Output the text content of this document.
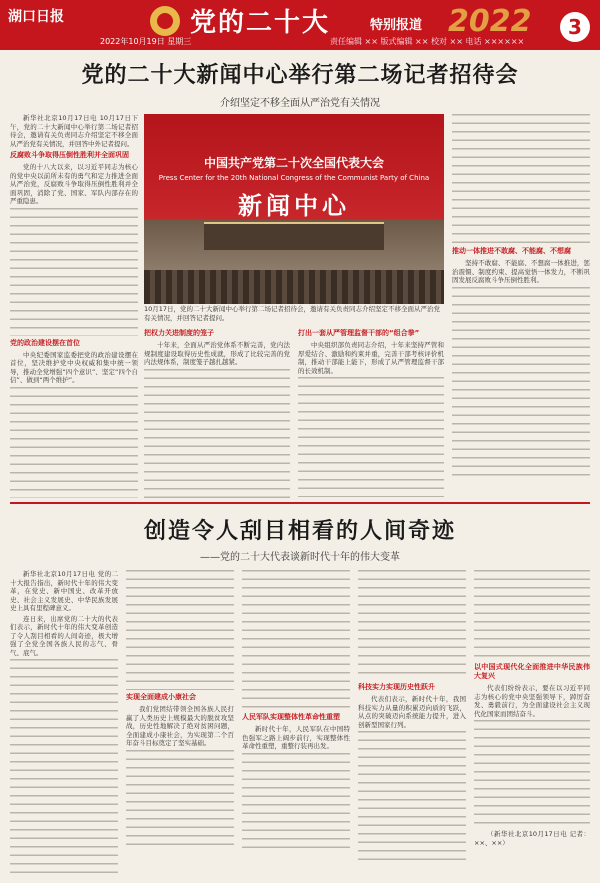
湖口日报	党的二十大	特别报道
2022年10月19日 星期三	责任编辑 ×× 版式编辑 ×× 校对 ×× 电话 ××××××
2022	3
党的二十大新闻中心举行第二场记者招待会
介绍坚定不移全面从严治党有关情况

新华社北京10月17日电 10月17日下午，党的二十大新闻中心举行第二场记者招待会，邀请有关负责同志介绍坚定不移全面从严治党有关情况，并回答中外记者提问。

反腐败斗争取得压倒性胜利并全面巩固

党的十八大以来，以习近平同志为核心的党中央以前所未有的勇气和定力推进全面从严治党，反腐败斗争取得压倒性胜利并全面巩固，消除了党、国家、军队内部存在的严重隐患。

党的政治建设摆在首位

中央纪委国家监委把党的政治建设摆在首位，坚决维护党中央权威和集中统一领导，推动全党增强“四个意识”、坚定“四个自信”、做到“两个维护”。

中国共产党第二十次全国代表大会
Press Center for the 20th National Congress of the Communist Party of China
新闻中心
10月17日，党的二十大新闻中心举行第二场记者招待会，邀请有关负责同志介绍坚定不移全面从严治党有关情况，并回答记者提问。
把权力关进制度的笼子

十年来，全面从严治党体系不断完善，党内法规制度建设取得历史性成就，形成了比较完善的党内法规体系，制度笼子越扎越紧。

打出一套从严管理监督干部的“组合拳”

中央组织部负责同志介绍，十年来坚持严管和厚爱结合、激励和约束并重，完善干部考核评价机制，推动干部能上能下，形成了从严管理监督干部的长效机制。

推动一体推进不敢腐、不能腐、不想腐

坚持不敢腐、不能腐、不想腐一体推进，惩治震慑、制度约束、提高觉悟一体发力，不断巩固发展反腐败斗争压倒性胜利。

创造令人刮目相看的人间奇迹
——党的二十大代表谈新时代十年的伟大变革

新华社北京10月17日电 党的二十大报告指出，新时代十年的伟大变革，在党史、新中国史、改革开放史、社会主义发展史、中华民族发展史上具有里程碑意义。

连日来，出席党的二十大的代表们表示，新时代十年的伟大变革创造了令人刮目相看的人间奇迹，极大增强了全党全国各族人民的志气、骨气、底气。

实现全面建成小康社会

我们党团结带领全国各族人民打赢了人类历史上规模最大的脱贫攻坚战，历史性地解决了绝对贫困问题，全面建成小康社会，为实现第二个百年奋斗目标奠定了坚实基础。

人民军队实现整体性革命性重塑

新时代十年，人民军队在中国特色强军之路上阔步前行，实现整体性革命性重塑，重整行装再出发。

科技实力实现历史性跃升

代表们表示，新时代十年，我国科技实力从量的积累迈向质的飞跃，从点的突破迈向系统能力提升，进入创新型国家行列。

以中国式现代化全面推进中华民族伟大复兴

代表们纷纷表示，要在以习近平同志为核心的党中央坚强领导下，踔厉奋发、勇毅前行，为全面建设社会主义现代化国家而团结奋斗。

（新华社北京10月17日电 记者：××、××）
